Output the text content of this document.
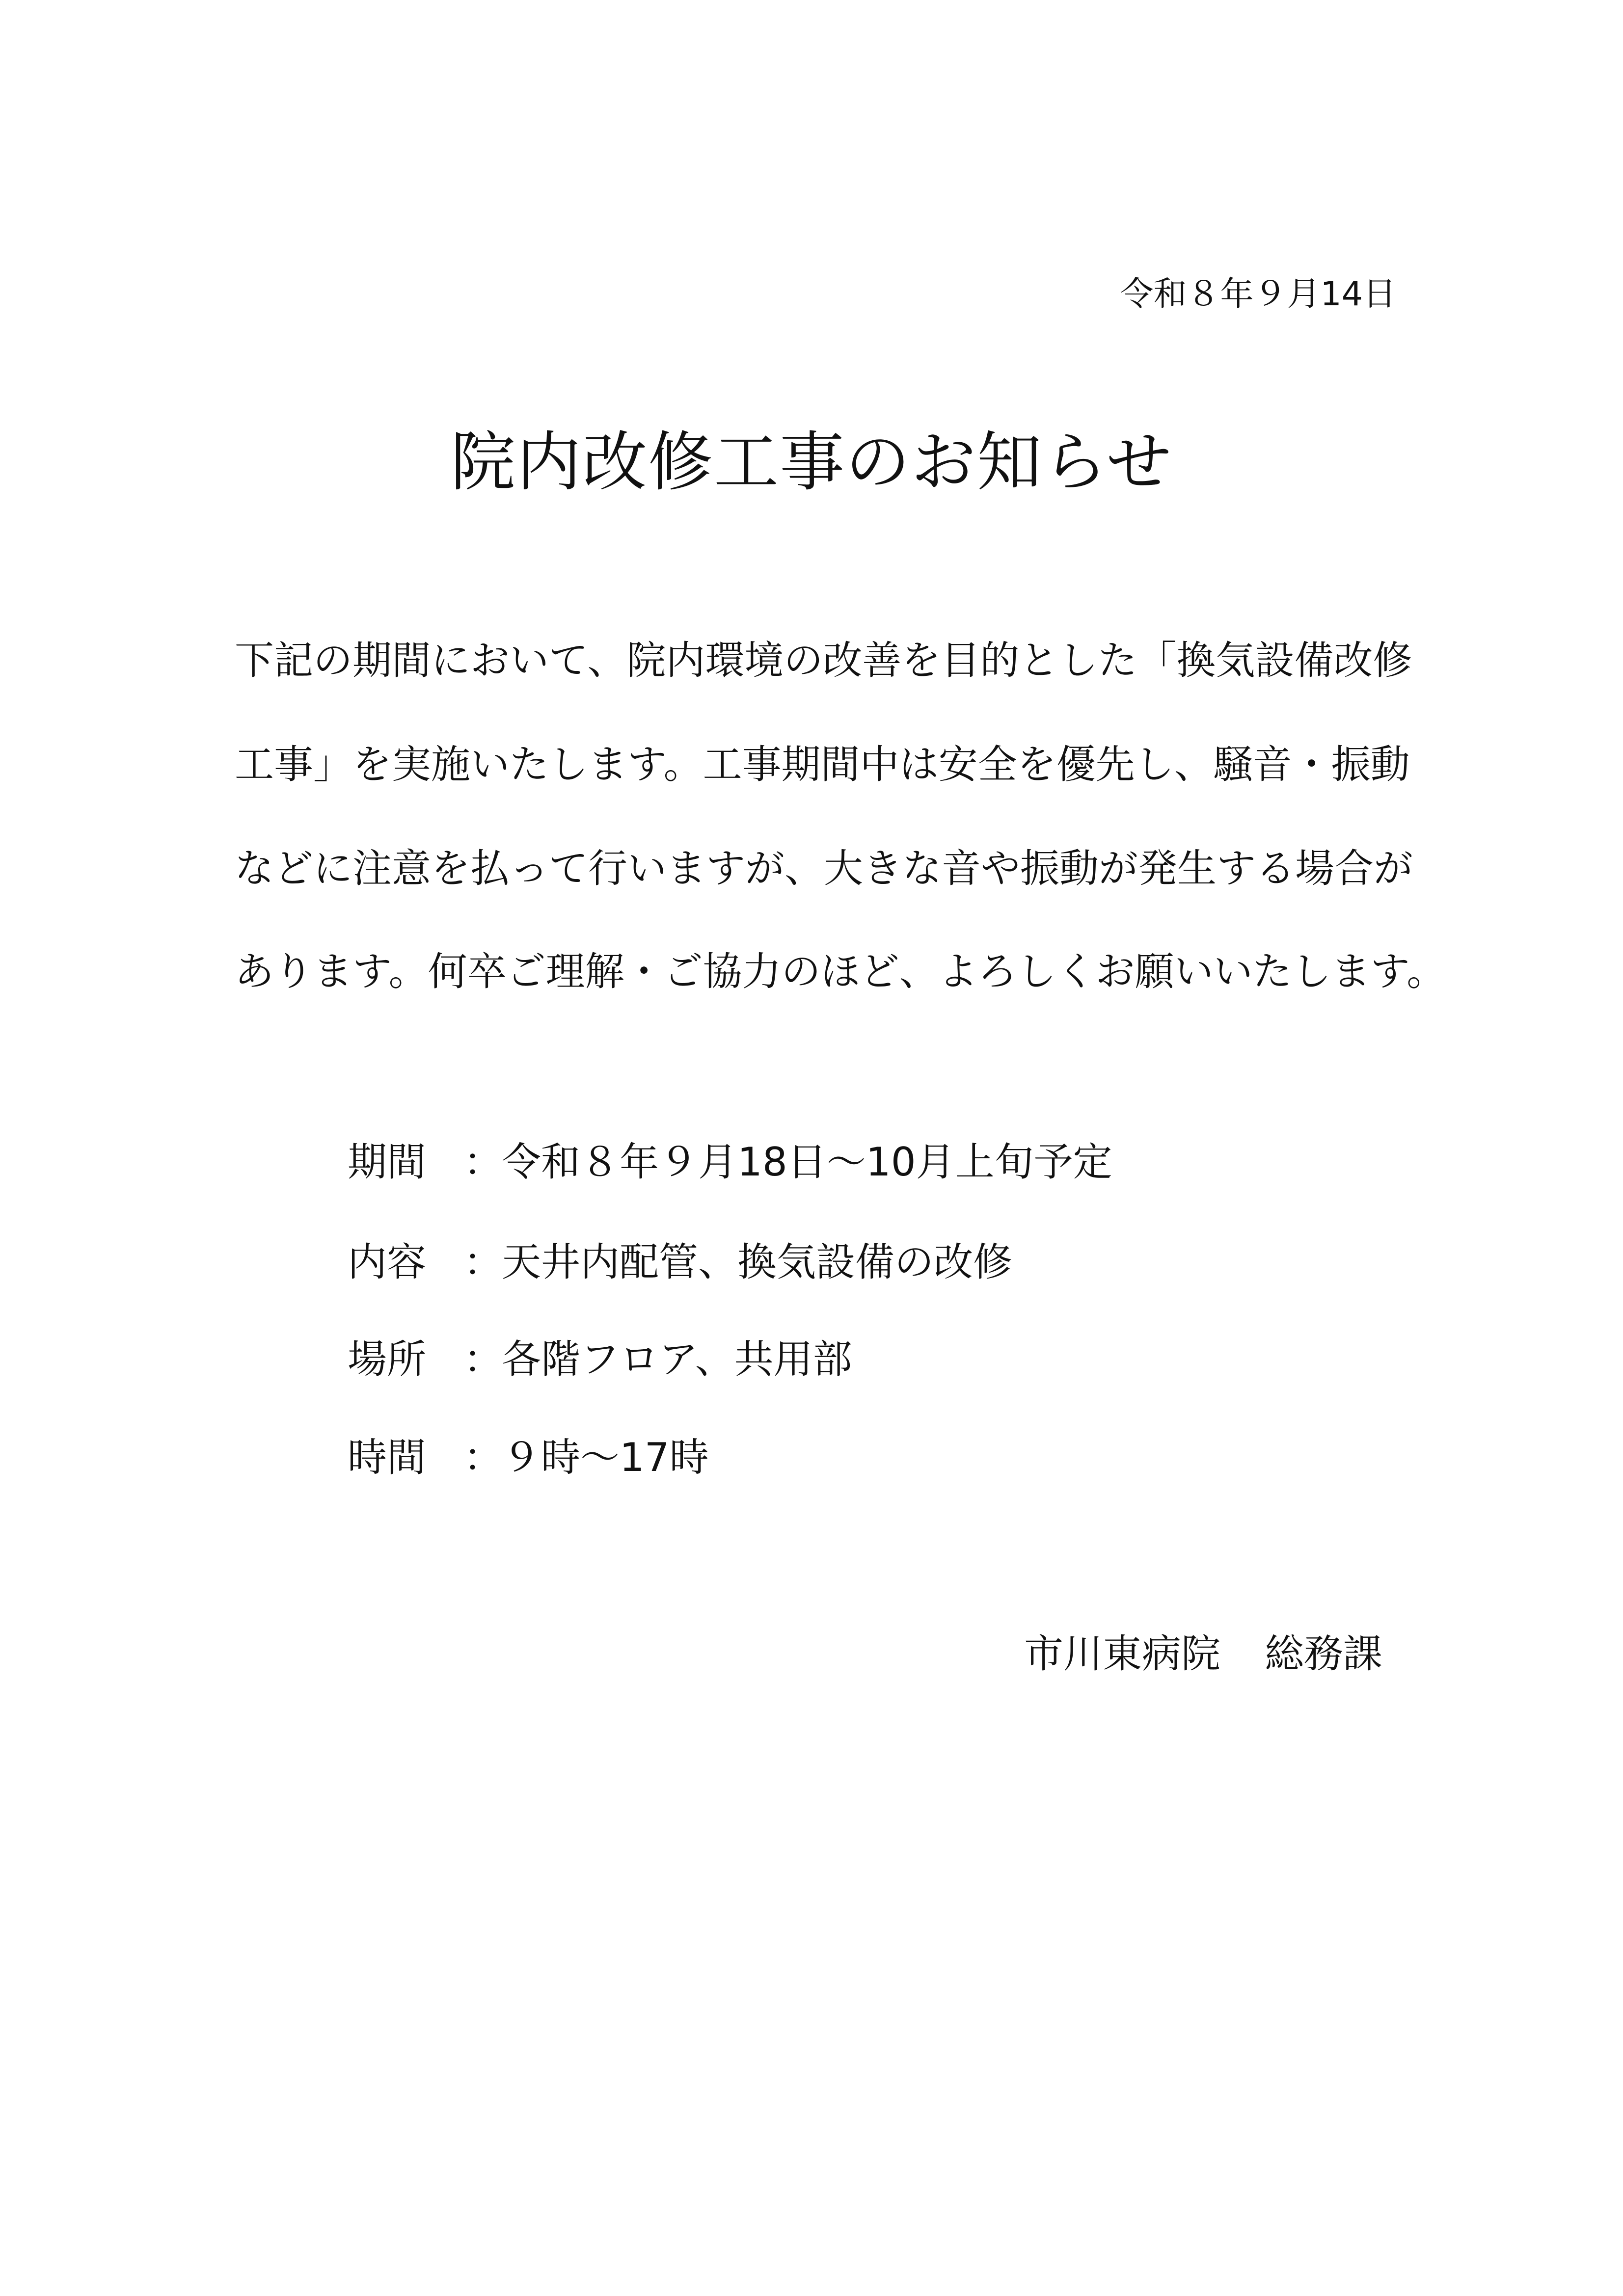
令和８年９月14日
院内改修工事のお知らせ
下記の期間において、院内環境の改善を目的とした「換気設備改修
工事」を実施いたします。工事期間中は安全を優先し、騒音・振動
などに注意を払って行いますが、大きな音や振動が発生する場合が
あります。何卒ご理解・ご協力のほど、よろしくお願いいたします。
期間 ：
令和８年９月18日〜10月上旬予定
内容 ：
天井内配管、換気設備の改修
場所 ：
各階フロア、共用部
時間 ：
９時〜17時
市川東病院 総務課
